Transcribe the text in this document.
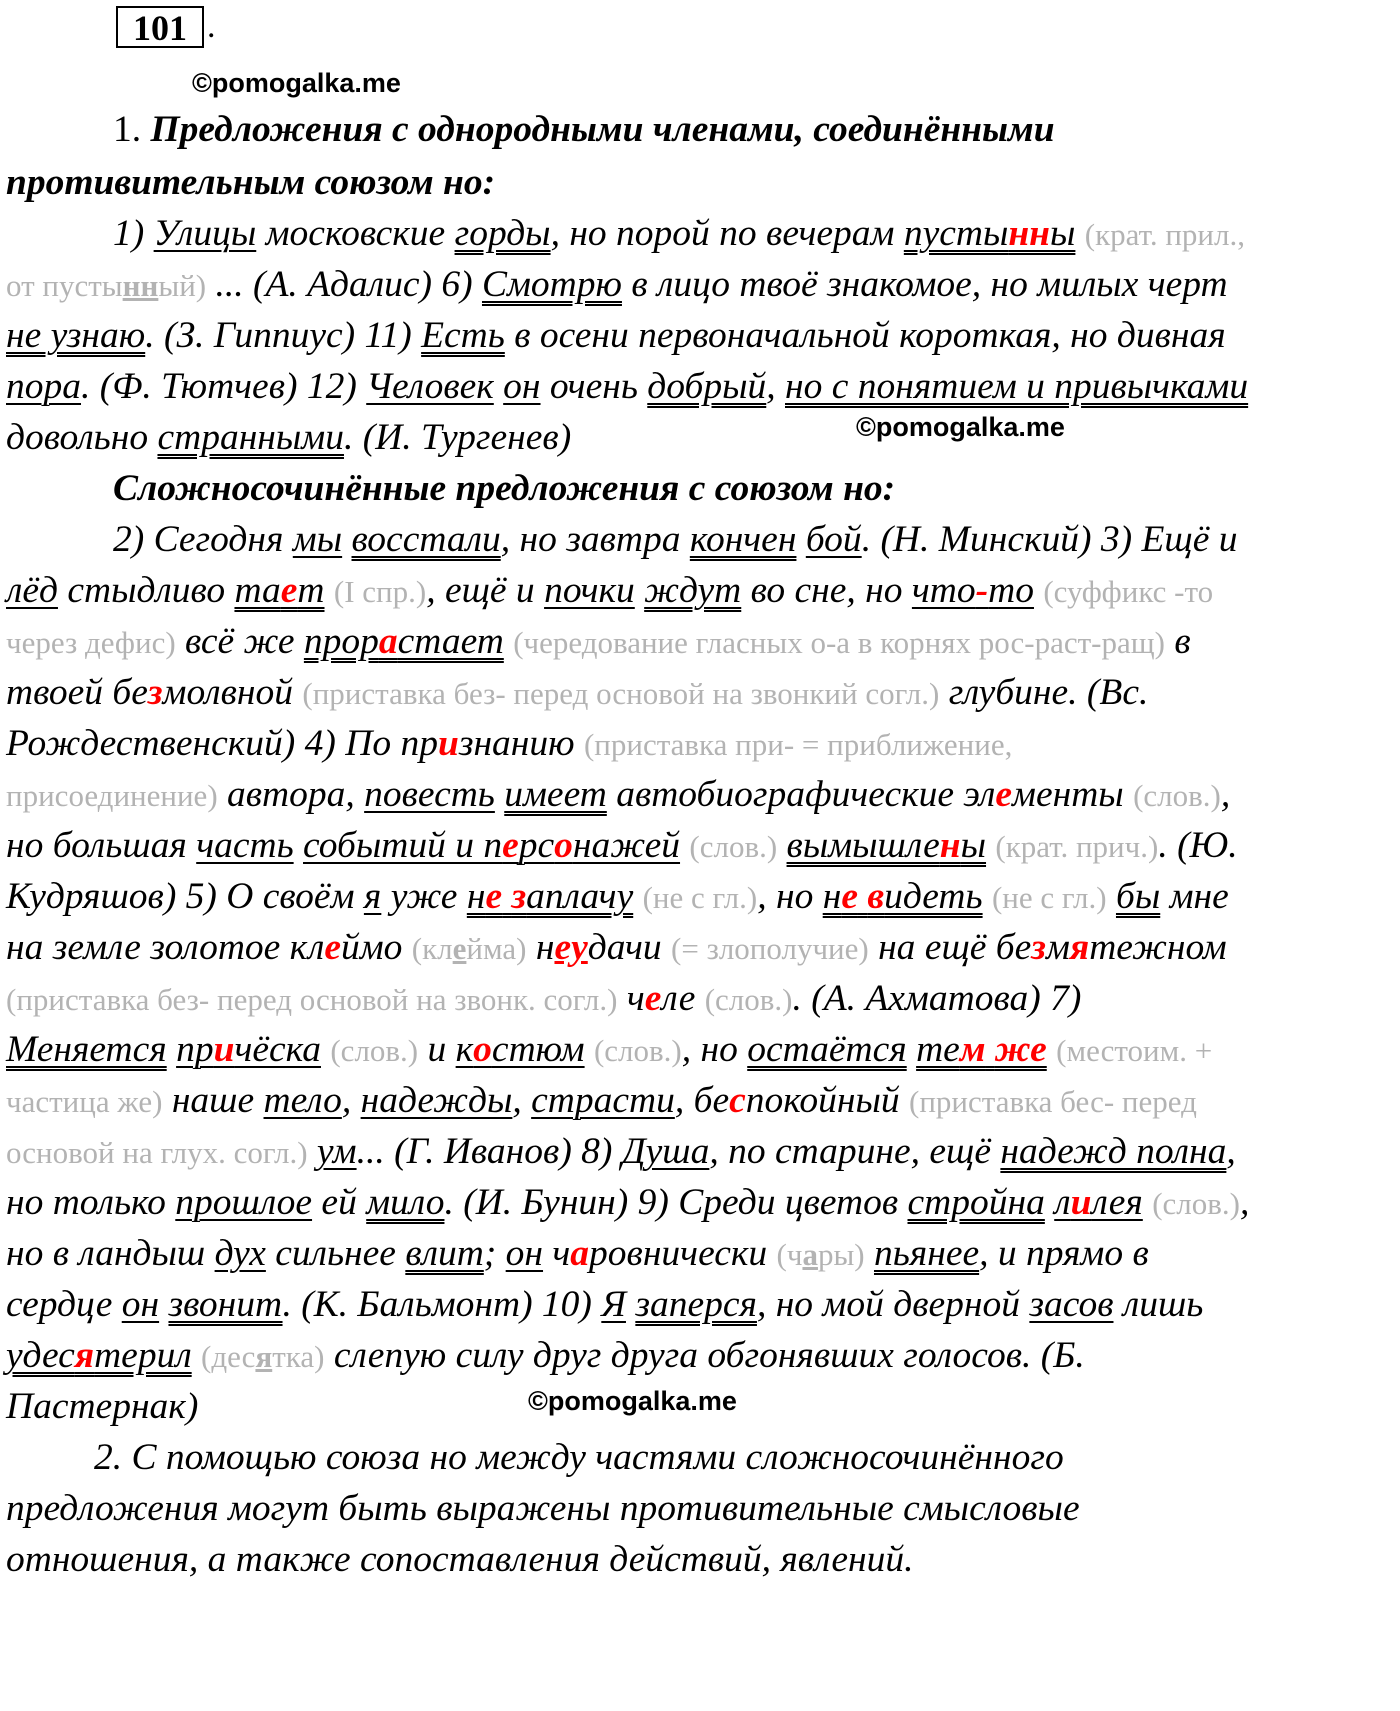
101 .
©pomogalka.me
1. Предложения с однородными членами, соединёнными
противительным союзом но:
1) Улицы московские горды, но порой по вечерам пустынны (крат. прил.,
от пустынный) ... (А. Адалис) 6) Смотрю в лицо твоё знакомое, но милых черт
не узнаю. (З. Гиппиус) 11) Есть в осени первоначальной короткая, но дивная
пора. (Ф. Тютчев) 12) Человек он очень добрый, но с понятием и привычками
довольно странными. (И. Тургенев)	©pomogalka.me
Сложносочинённые предложения с союзом но:
2) Сегодня мы восстали, но завтра кончен бой. (Н. Минский) 3) Ещё и
лёд стыдливо тает (I спр.), ещё и почки ждут во сне, но что-то (суффикс -то
через дефис) всё же прорастает (чередование гласных о-а в корнях рос-раст-ращ) в
твоей безмолвной (приставка без- перед основой на звонкий согл.) глубине. (Вс.
Рождественский) 4) По признанию (приставка при- = приближение,
присоединение) автора, повесть имеет автобиографические элементы (слов.),
но большая часть событий и персонажей (слов.) вымышлены (крат. прич.). (Ю.
Кудряшов) 5) О своём я уже не заплачу (не с гл.), но не видеть (не с гл.) бы мне
на земле золотое клеймо (клейма) неудачи (= злополучие) на ещё безмятежном
(приставка без- перед основой на звонк. согл.) челе (слов.). (А. Ахматова) 7)
Меняется причёска (слов.) и костюм (слов.), но остаётся тем же (местоим. +
частица же) наше тело, надежды, страсти, беспокойный (приставка бес- перед
основой на глух. согл.) ум... (Г. Иванов) 8) Душа, по старине, ещё надежд полна,
но только прошлое ей мило. (И. Бунин) 9) Среди цветов стройна лилея (слов.),
но в ландыш дух сильнее влит; он чаровнически (чары) пьянее, и прямо в
сердце он звонит. (К. Бальмонт) 10) Я заперся, но мой дверной засов лишь
удесятерил (десятка) слепую силу друг друга обгонявших голосов. (Б.
Пастернак)	©pomogalka.me
2. С помощью союза но между частями сложносочинённого
предложения могут быть выражены противительные смысловые
отношения, а также сопоставления действий, явлений.
